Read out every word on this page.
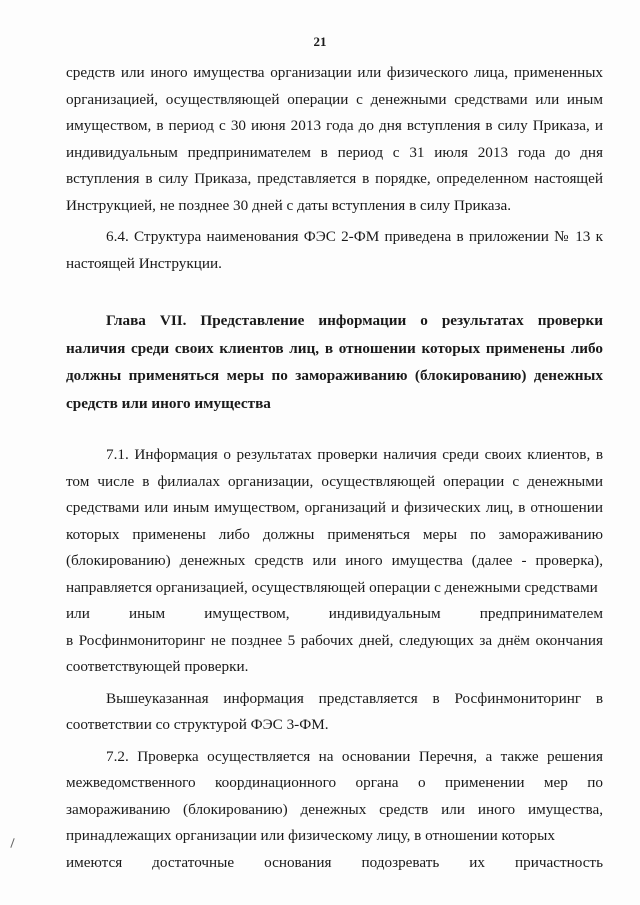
21

средств или иного имущества организации или физического лица, примененных организацией, осуществляющей операции с денежными средствами или иным имуществом, в период с 30 июня 2013 года до дня вступления в силу Приказа, и индивидуальным предпринимателем в период с 31 июля 2013 года до дня вступления в силу Приказа, представляется в порядке, определенном настоящей Инструкцией, не позднее 30 дней с даты вступления в силу Приказа.

6.4. Структура наименования ФЭС 2-ФМ приведена в приложении № 13 к настоящей Инструкции.

Глава VII. Представление информации о результатах проверки наличия среди своих клиентов лиц, в отношении которых применены либо должны применяться меры по замораживанию (блокированию) денежных средств или иного имущества

7.1. Информация о результатах проверки наличия среди своих клиентов, в том числе в филиалах организации, осуществляющей операции с денежными средствами или иным имуществом, организаций и физических лиц, в отношении которых применены либо должны применяться меры по замораживанию (блокированию) денежных средств или иного имущества (далее - проверка), направляется организацией, осуществляющей операции с денежными средствами

или иным имуществом, индивидуальным предпринимателем

в Росфинмониторинг не позднее 5 рабочих дней, следующих за днём окончания соответствующей проверки.

Вышеуказанная информация представляется в Росфинмониторинг в соответствии со структурой ФЭС 3-ФМ.

7.2. Проверка осуществляется на основании Перечня, а также решения межведомственного координационного органа о применении мер по замораживанию (блокированию) денежных средств или иного имущества, принадлежащих организации или физическому лицу, в отношении которых

имеются достаточные основания подозревать их причастность
